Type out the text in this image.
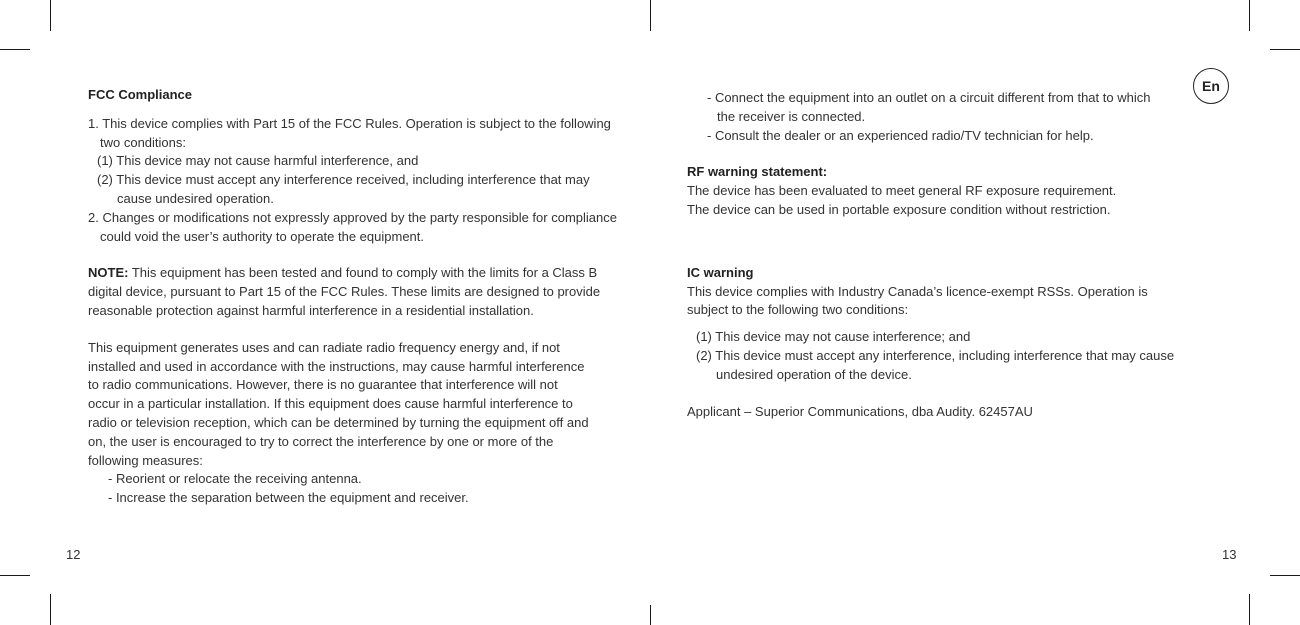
FCC Compliance

1. This device complies with Part 15 of the FCC Rules. Operation is subject to the following two conditions:

(1) This device may not cause harmful interference, and

(2) This device must accept any interference received, including interference that may cause undesired operation.

2. Changes or modifications not expressly approved by the party responsible for compliance could void the user’s authority to operate the equipment.

NOTE: This equipment has been tested and found to comply with the limits for a Class B digital device, pursuant to Part 15 of the FCC Rules. These limits are designed to provide reasonable protection against harmful interference in a residential installation.

This equipment generates uses and can radiate radio frequency energy and, if not installed and used in accordance with the instructions, may cause harmful interference to radio communications. However, there is no guarantee that interference will not occur in a particular installation. If this equipment does cause harmful interference to radio or television reception, which can be determined by turning the equipment off and on, the user is encouraged to try to correct the interference by one or more of the following measures:

- Reorient or relocate the receiving antenna.

- Increase the separation between the equipment and receiver.

12
En

- Connect the equipment into an outlet on a circuit different from that to which the receiver is connected.

- Consult the dealer or an experienced radio/TV technician for help.

RF warning statement:

The device has been evaluated to meet general RF exposure requirement.

The device can be used in portable exposure condition without restriction.

IC warning

This device complies with Industry Canada’s licence-exempt RSSs. Operation is subject to the following two conditions:

(1) This device may not cause interference; and

(2) This device must accept any interference, including interference that may cause undesired operation of the device.

Applicant – Superior Communications, dba Audity. 62457AU

13
